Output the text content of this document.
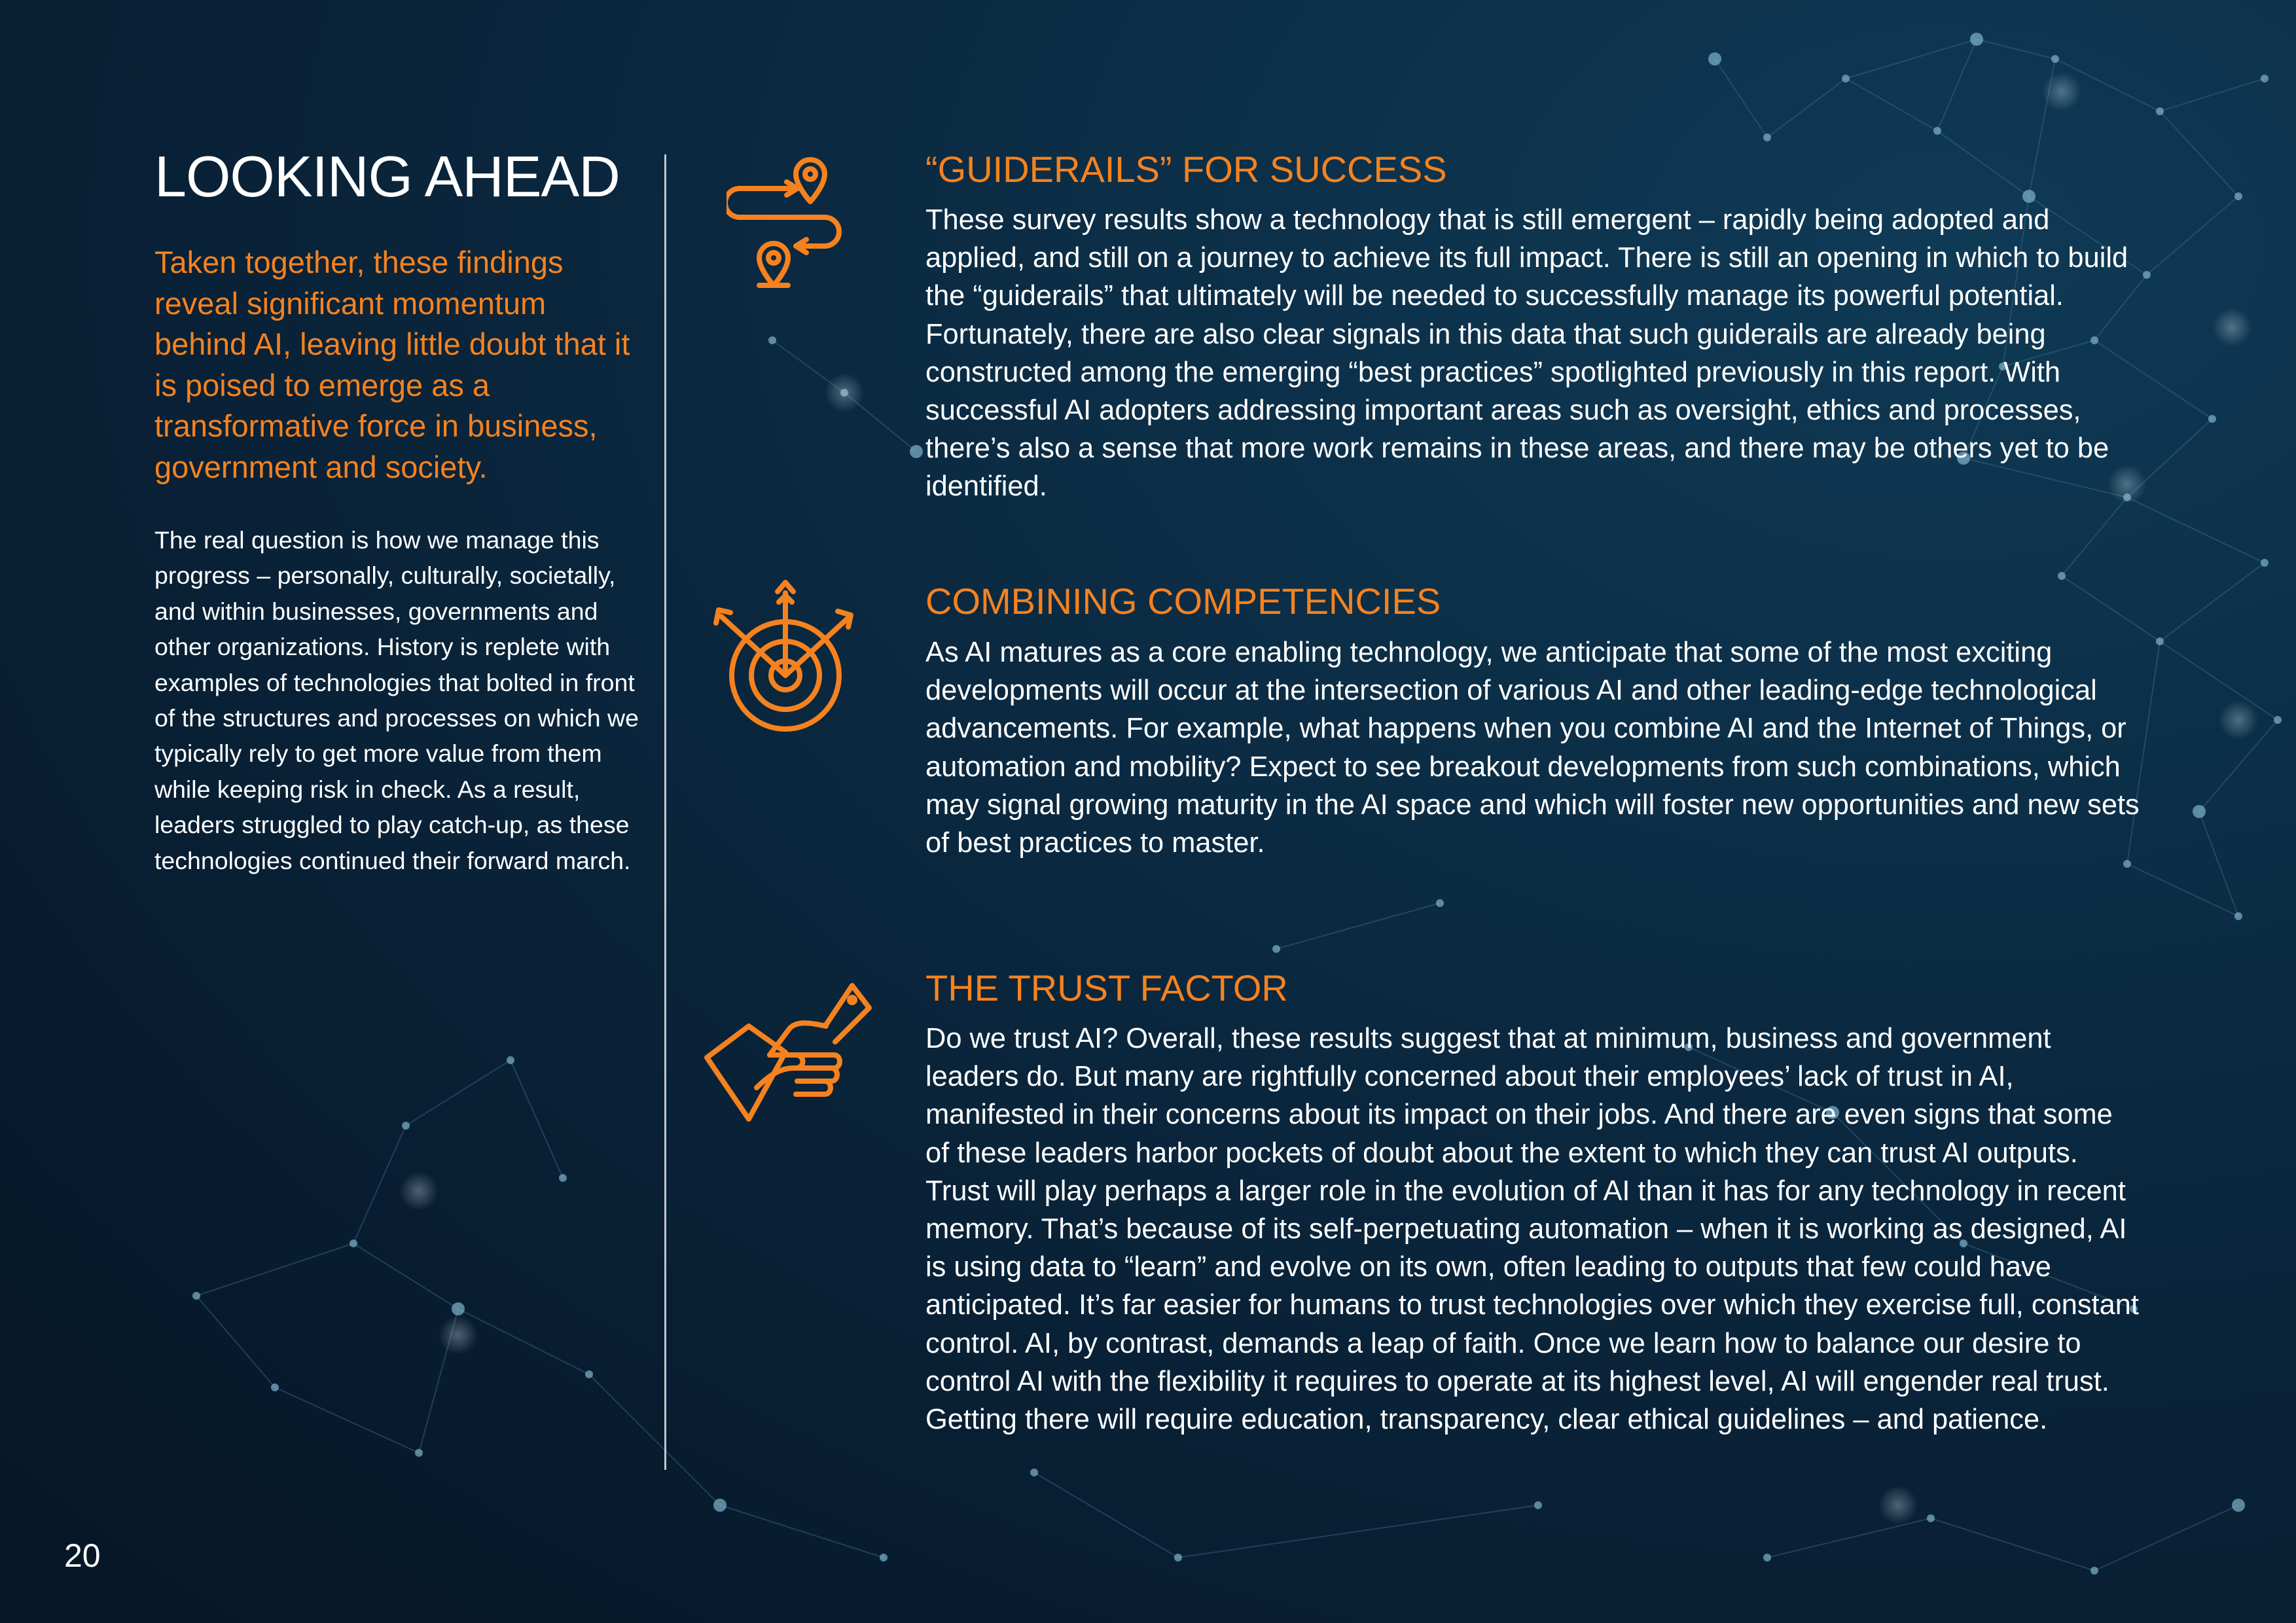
LOOKING AHEAD

Taken together, these findings reveal significant momentum behind AI, leaving little doubt that it is poised to emerge as a transformative force in business, government and society.

The real question is how we manage this progress – personally, culturally, societally, and within businesses, governments and other organizations. History is replete with examples of technologies that bolted in front of the structures and processes on which we typically rely to get more value from them while keeping risk in check. As a result, leaders struggled to play catch-up, as these technologies continued their forward march.

“GUIDERAILS” FOR SUCCESS

These survey results show a technology that is still emergent – rapidly being adopted and applied, and still on a journey to achieve its full impact. There is still an opening in which to build the “guiderails” that ultimately will be needed to successfully manage its powerful potential. Fortunately, there are also clear signals in this data that such guiderails are already being constructed among the emerging “best practices” spotlighted previously in this report. With successful AI adopters addressing important areas such as oversight, ethics and processes, there’s also a sense that more work remains in these areas, and there may be others yet to be identified.

COMBINING COMPETENCIES

As AI matures as a core enabling technology, we anticipate that some of the most exciting developments will occur at the intersection of various AI and other leading-edge technological advancements. For example, what happens when you combine AI and the Internet of Things, or automation and mobility? Expect to see breakout developments from such combinations, which may signal growing maturity in the AI space and which will foster new opportunities and new sets of best practices to master.

THE TRUST FACTOR

Do we trust AI? Overall, these results suggest that at minimum, business and government leaders do. But many are rightfully concerned about their employees’ lack of trust in AI, manifested in their concerns about its impact on their jobs. And there are even signs that some of these leaders harbor pockets of doubt about the extent to which they can trust AI outputs. Trust will play perhaps a larger role in the evolution of AI than it has for any technology in recent memory. That’s because of its self-perpetuating automation – when it is working as designed, AI is using data to “learn” and evolve on its own, often leading to outputs that few could have anticipated. It’s far easier for humans to trust technologies over which they exercise full, constant control. AI, by contrast, demands a leap of faith. Once we learn how to balance our desire to control AI with the flexibility it requires to operate at its highest level, AI will engender real trust. Getting there will require education, transparency, clear ethical guidelines – and patience.

20
